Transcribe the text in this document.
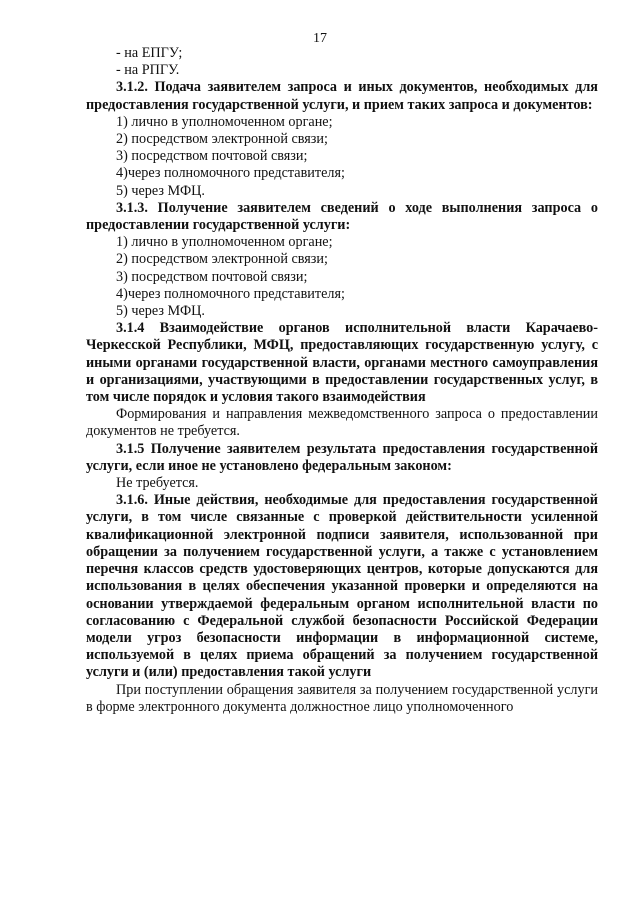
17

- на ЕПГУ;

- на РПГУ.

3.1.2. Подача заявителем запроса и иных документов, необходимых для предоставления государственной услуги, и прием таких запроса и документов:

1) лично в уполномоченном органе;

2) посредством электронной связи;

3) посредством почтовой связи;

4)через полномочного представителя;

5) через МФЦ.

3.1.3. Получение заявителем сведений о ходе выполнения запроса о предоставлении государственной услуги:

1) лично в уполномоченном органе;

2) посредством электронной связи;

3) посредством почтовой связи;

4)через полномочного представителя;

5) через МФЦ.

3.1.4 Взаимодействие органов исполнительной власти Карачаево-Черкесской Республики, МФЦ, предоставляющих государственную услугу, с иными органами государственной власти, органами местного самоуправления и организациями, участвующими в предоставлении государственных услуг, в том числе порядок и условия такого взаимодействия

Формирования и направления межведомственного запроса о предоставлении документов не требуется.

3.1.5 Получение заявителем результата предоставления государственной услуги, если иное не установлено федеральным законом:

Не требуется.

3.1.6. Иные действия, необходимые для предоставления государственной услуги, в том числе связанные с проверкой действительности усиленной квалификационной электронной подписи заявителя, использованной при обращении за получением государственной услуги, а также с установлением перечня классов средств удостоверяющих центров, которые допускаются для использования в целях обеспечения указанной проверки и определяются на основании утверждаемой федеральным органом исполнительной власти по согласованию с Федеральной службой безопасности Российской Федерации модели угроз безопасности информации в информационной системе, используемой в целях приема обращений за получением государственной услуги и (или) предоставления такой услуги

При поступлении обращения заявителя за получением государственной услуги в форме электронного документа должностное лицо уполномоченного
